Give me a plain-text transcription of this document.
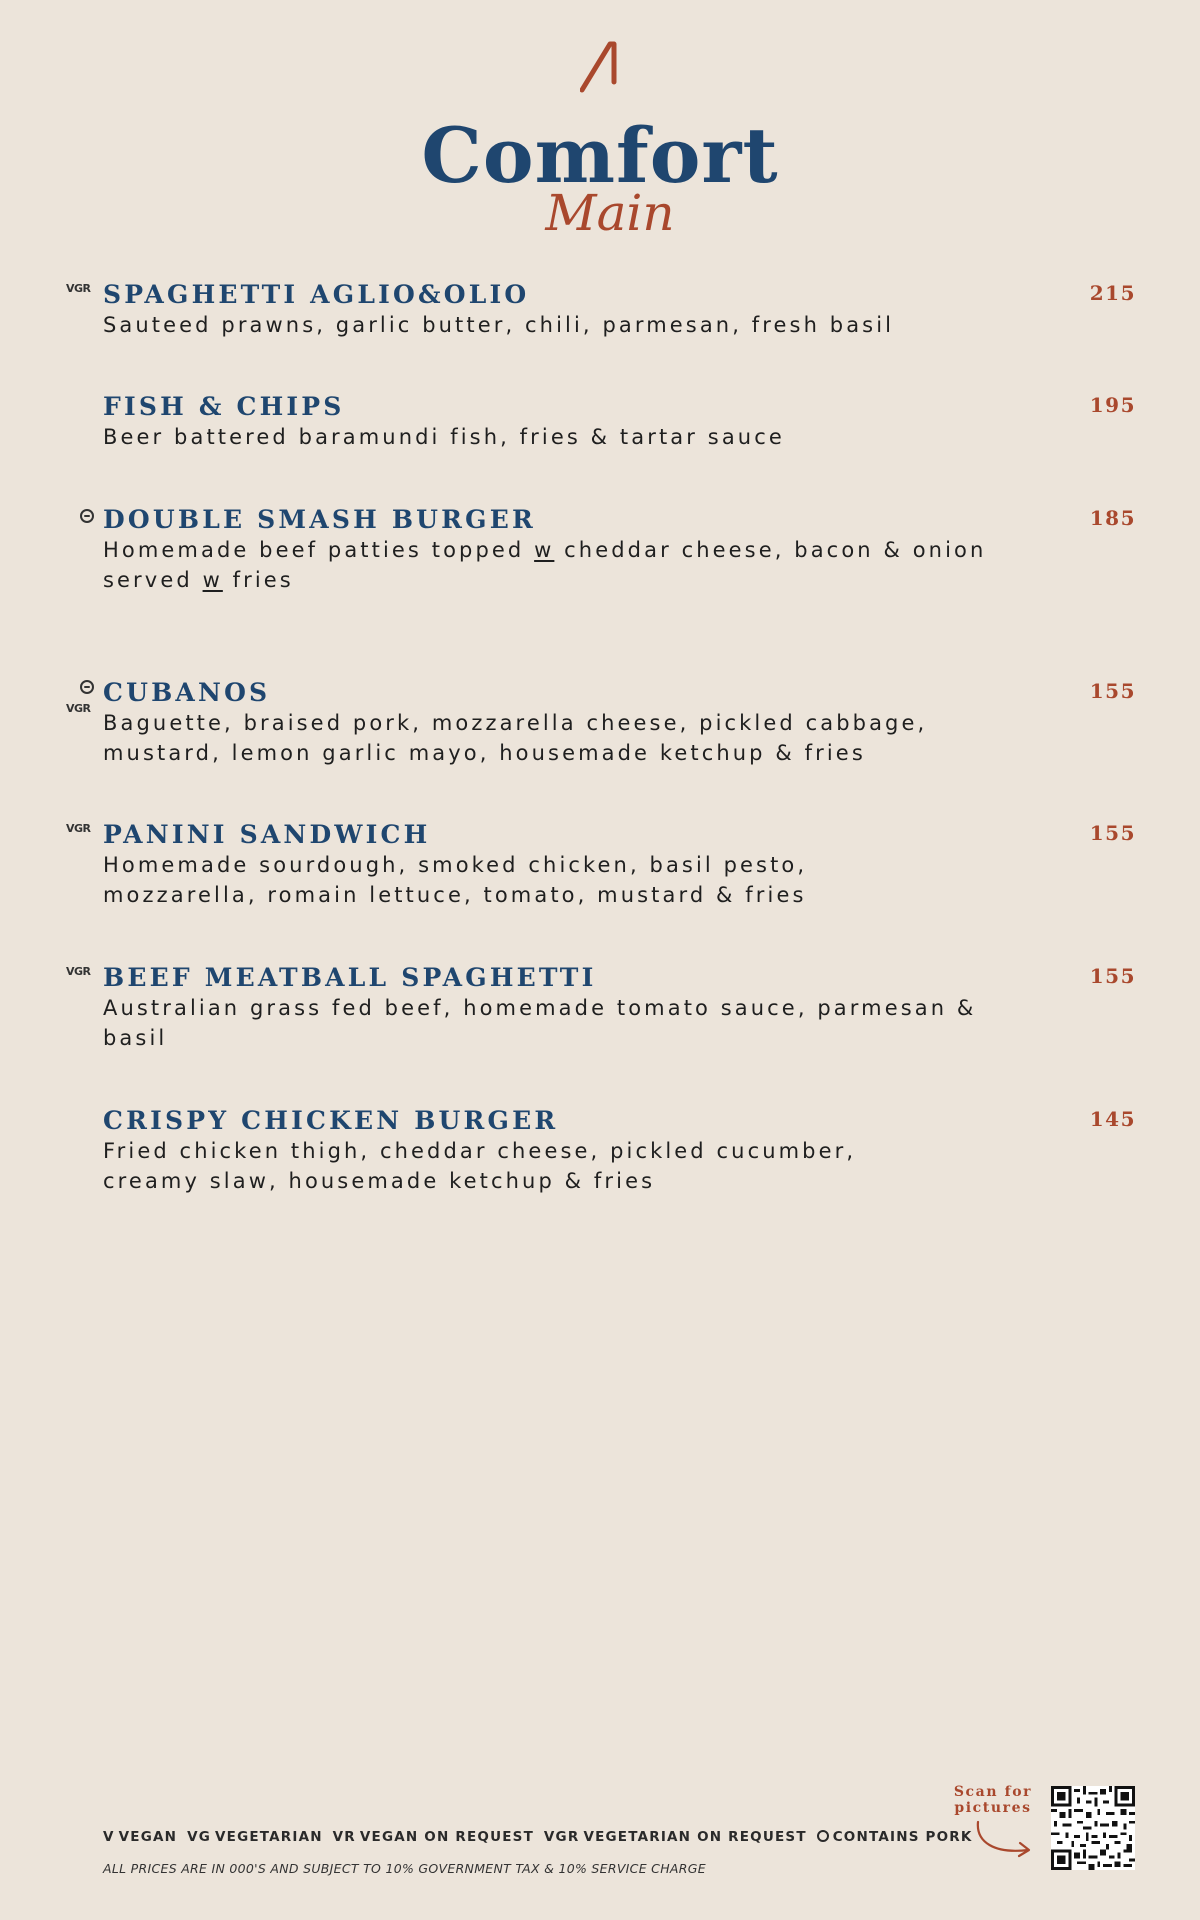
Comfort
Main
VGR SPAGHETTI AGLIO&OLIO	215
Sauteed prawns, garlic butter, chili, parmesan, fresh basil
FISH & CHIPS	195
Beer battered baramundi fish, fries & tartar sauce
DOUBLE SMASH BURGER	185
Homemade beef patties topped w cheddar cheese, bacon & onion
served w fries
VGR
CUBANOS	155
Baguette, braised pork, mozzarella cheese, pickled cabbage,
mustard, lemon garlic mayo, housemade ketchup & fries
VGR PANINI SANDWICH	155
Homemade sourdough, smoked chicken, basil pesto,
mozzarella, romain lettuce, tomato, mustard & fries
VGR BEEF MEATBALL SPAGHETTI	155
Australian grass fed beef, homemade tomato sauce, parmesan &
basil
CRISPY CHICKEN BURGER	145
Fried chicken thigh, cheddar cheese, pickled cucumber,
creamy slaw, housemade ketchup & fries
V VEGAN VG VEGETARIAN VR VEGAN ON REQUEST VGR VEGETARIAN ON REQUEST CONTAINS PORK
ALL PRICES ARE IN 000'S AND SUBJECT TO 10% GOVERNMENT TAX & 10% SERVICE CHARGE
Scan for
pictures
